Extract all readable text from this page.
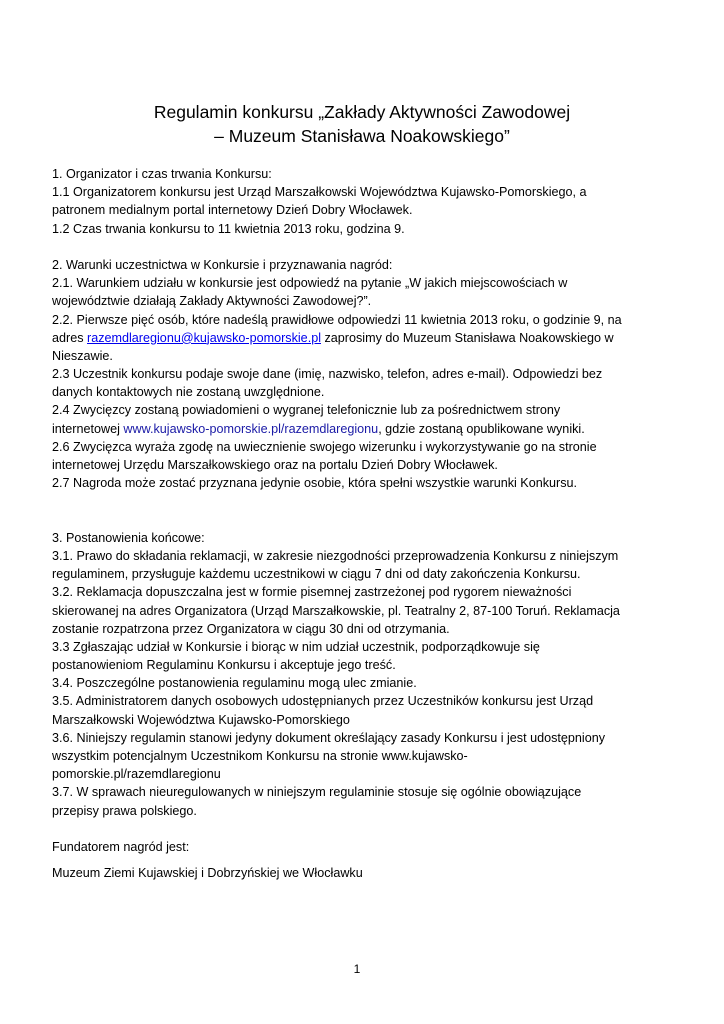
Regulamin konkursu „Zakłady Aktywności Zawodowej
– Muzeum Stanisława Noakowskiego”
1. Organizator i czas trwania Konkursu:
1.1 Organizatorem konkursu jest Urząd Marszałkowski Województwa Kujawsko-Pomorskiego, a
patronem medialnym portal internetowy Dzień Dobry Włocławek.
1.2 Czas trwania konkursu to 11 kwietnia 2013 roku, godzina 9.
2. Warunki uczestnictwa w Konkursie i przyznawania nagród:
2.1. Warunkiem udziału w konkursie jest odpowiedź na pytanie „W jakich miejscowościach w
województwie działają Zakłady Aktywności Zawodowej?”.
2.2. Pierwsze pięć osób, które nadeślą prawidłowe odpowiedzi 11 kwietnia 2013 roku, o godzinie 9, na
adres razemdlaregionu@kujawsko-pomorskie.pl zaprosimy do Muzeum Stanisława Noakowskiego w
Nieszawie.
2.3 Uczestnik konkursu podaje swoje dane (imię, nazwisko, telefon, adres e-mail). Odpowiedzi bez
danych kontaktowych nie zostaną uwzględnione.
2.4 Zwycięzcy zostaną powiadomieni o wygranej telefonicznie lub za pośrednictwem strony
internetowej www.kujawsko-pomorskie.pl/razemdlaregionu, gdzie zostaną opublikowane wyniki.
2.6 Zwycięzca wyraża zgodę na uwiecznienie swojego wizerunku i wykorzystywanie go na stronie
internetowej Urzędu Marszałkowskiego oraz na portalu Dzień Dobry Włocławek.
2.7 Nagroda może zostać przyznana jedynie osobie, która spełni wszystkie warunki Konkursu.
3. Postanowienia końcowe:
3.1. Prawo do składania reklamacji, w zakresie niezgodności przeprowadzenia Konkursu z niniejszym
regulaminem, przysługuje każdemu uczestnikowi w ciągu 7 dni od daty zakończenia Konkursu.
3.2. Reklamacja dopuszczalna jest w formie pisemnej zastrzeżonej pod rygorem nieważności
skierowanej na adres Organizatora (Urząd Marszałkowskie, pl. Teatralny 2, 87-100 Toruń. Reklamacja
zostanie rozpatrzona przez Organizatora w ciągu 30 dni od otrzymania.
3.3 Zgłaszając udział w Konkursie i biorąc w nim udział uczestnik, podporządkowuje się
postanowieniom Regulaminu Konkursu i akceptuje jego treść.
3.4. Poszczególne postanowienia regulaminu mogą ulec zmianie.
3.5. Administratorem danych osobowych udostępnianych przez Uczestników konkursu jest Urząd
Marszałkowski Województwa Kujawsko-Pomorskiego
3.6. Niniejszy regulamin stanowi jedyny dokument określający zasady Konkursu i jest udostępniony
wszystkim potencjalnym Uczestnikom Konkursu na stronie www.kujawsko-
pomorskie.pl/razemdlaregionu
3.7. W sprawach nieuregulowanych w niniejszym regulaminie stosuje się ogólnie obowiązujące
przepisy prawa polskiego.
Fundatorem nagród jest:
Muzeum Ziemi Kujawskiej i Dobrzyńskiej we Włocławku
1
